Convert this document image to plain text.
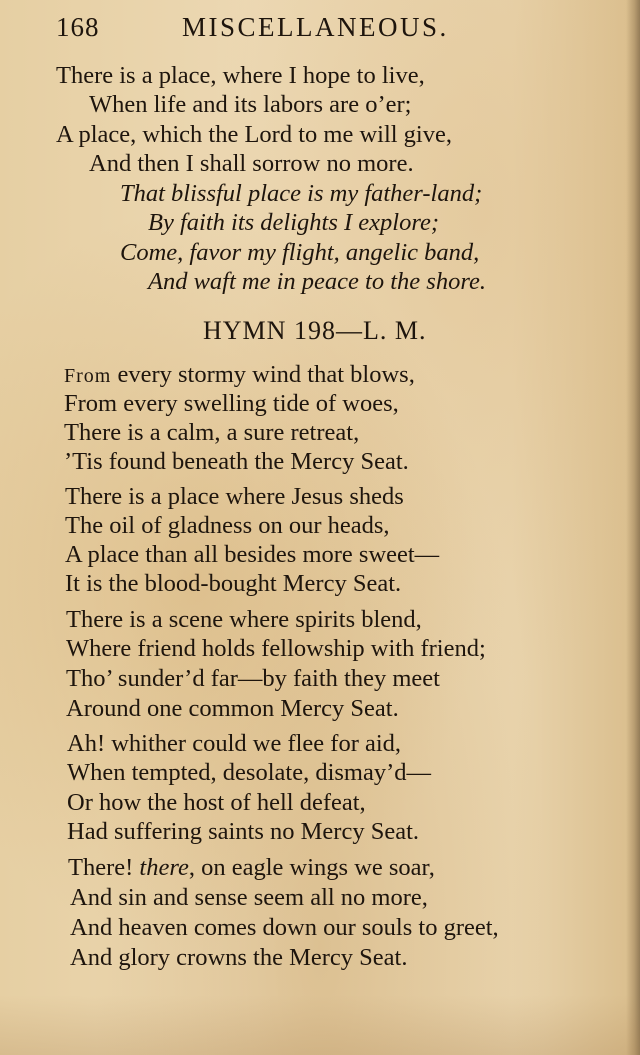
168	MISCELLANEOUS.
There is a place, where I hope to live,
When life and its labors are o’er;
A place, which the Lord to me will give,
And then I shall sorrow no more.
That blissful place is my father-land;
By faith its delights I explore;
Come, favor my flight, angelic band,
And waft me in peace to the shore.
HYMN 198—L. M.
From every stormy wind that blows,
From every swelling tide of woes,
There is a calm, a sure retreat,
’Tis found beneath the Mercy Seat.
There is a place where Jesus sheds
The oil of gladness on our heads,
A place than all besides more sweet—
It is the blood-bought Mercy Seat.
There is a scene where spirits blend,
Where friend holds fellowship with friend;
Tho’ sunder’d far—by faith they meet
Around one common Mercy Seat.
Ah! whither could we flee for aid,
When tempted, desolate, dismay’d—
Or how the host of hell defeat,
Had suffering saints no Mercy Seat.
There! there, on eagle wings we soar,
And sin and sense seem all no more,
And heaven comes down our souls to greet,
And glory crowns the Mercy Seat.
